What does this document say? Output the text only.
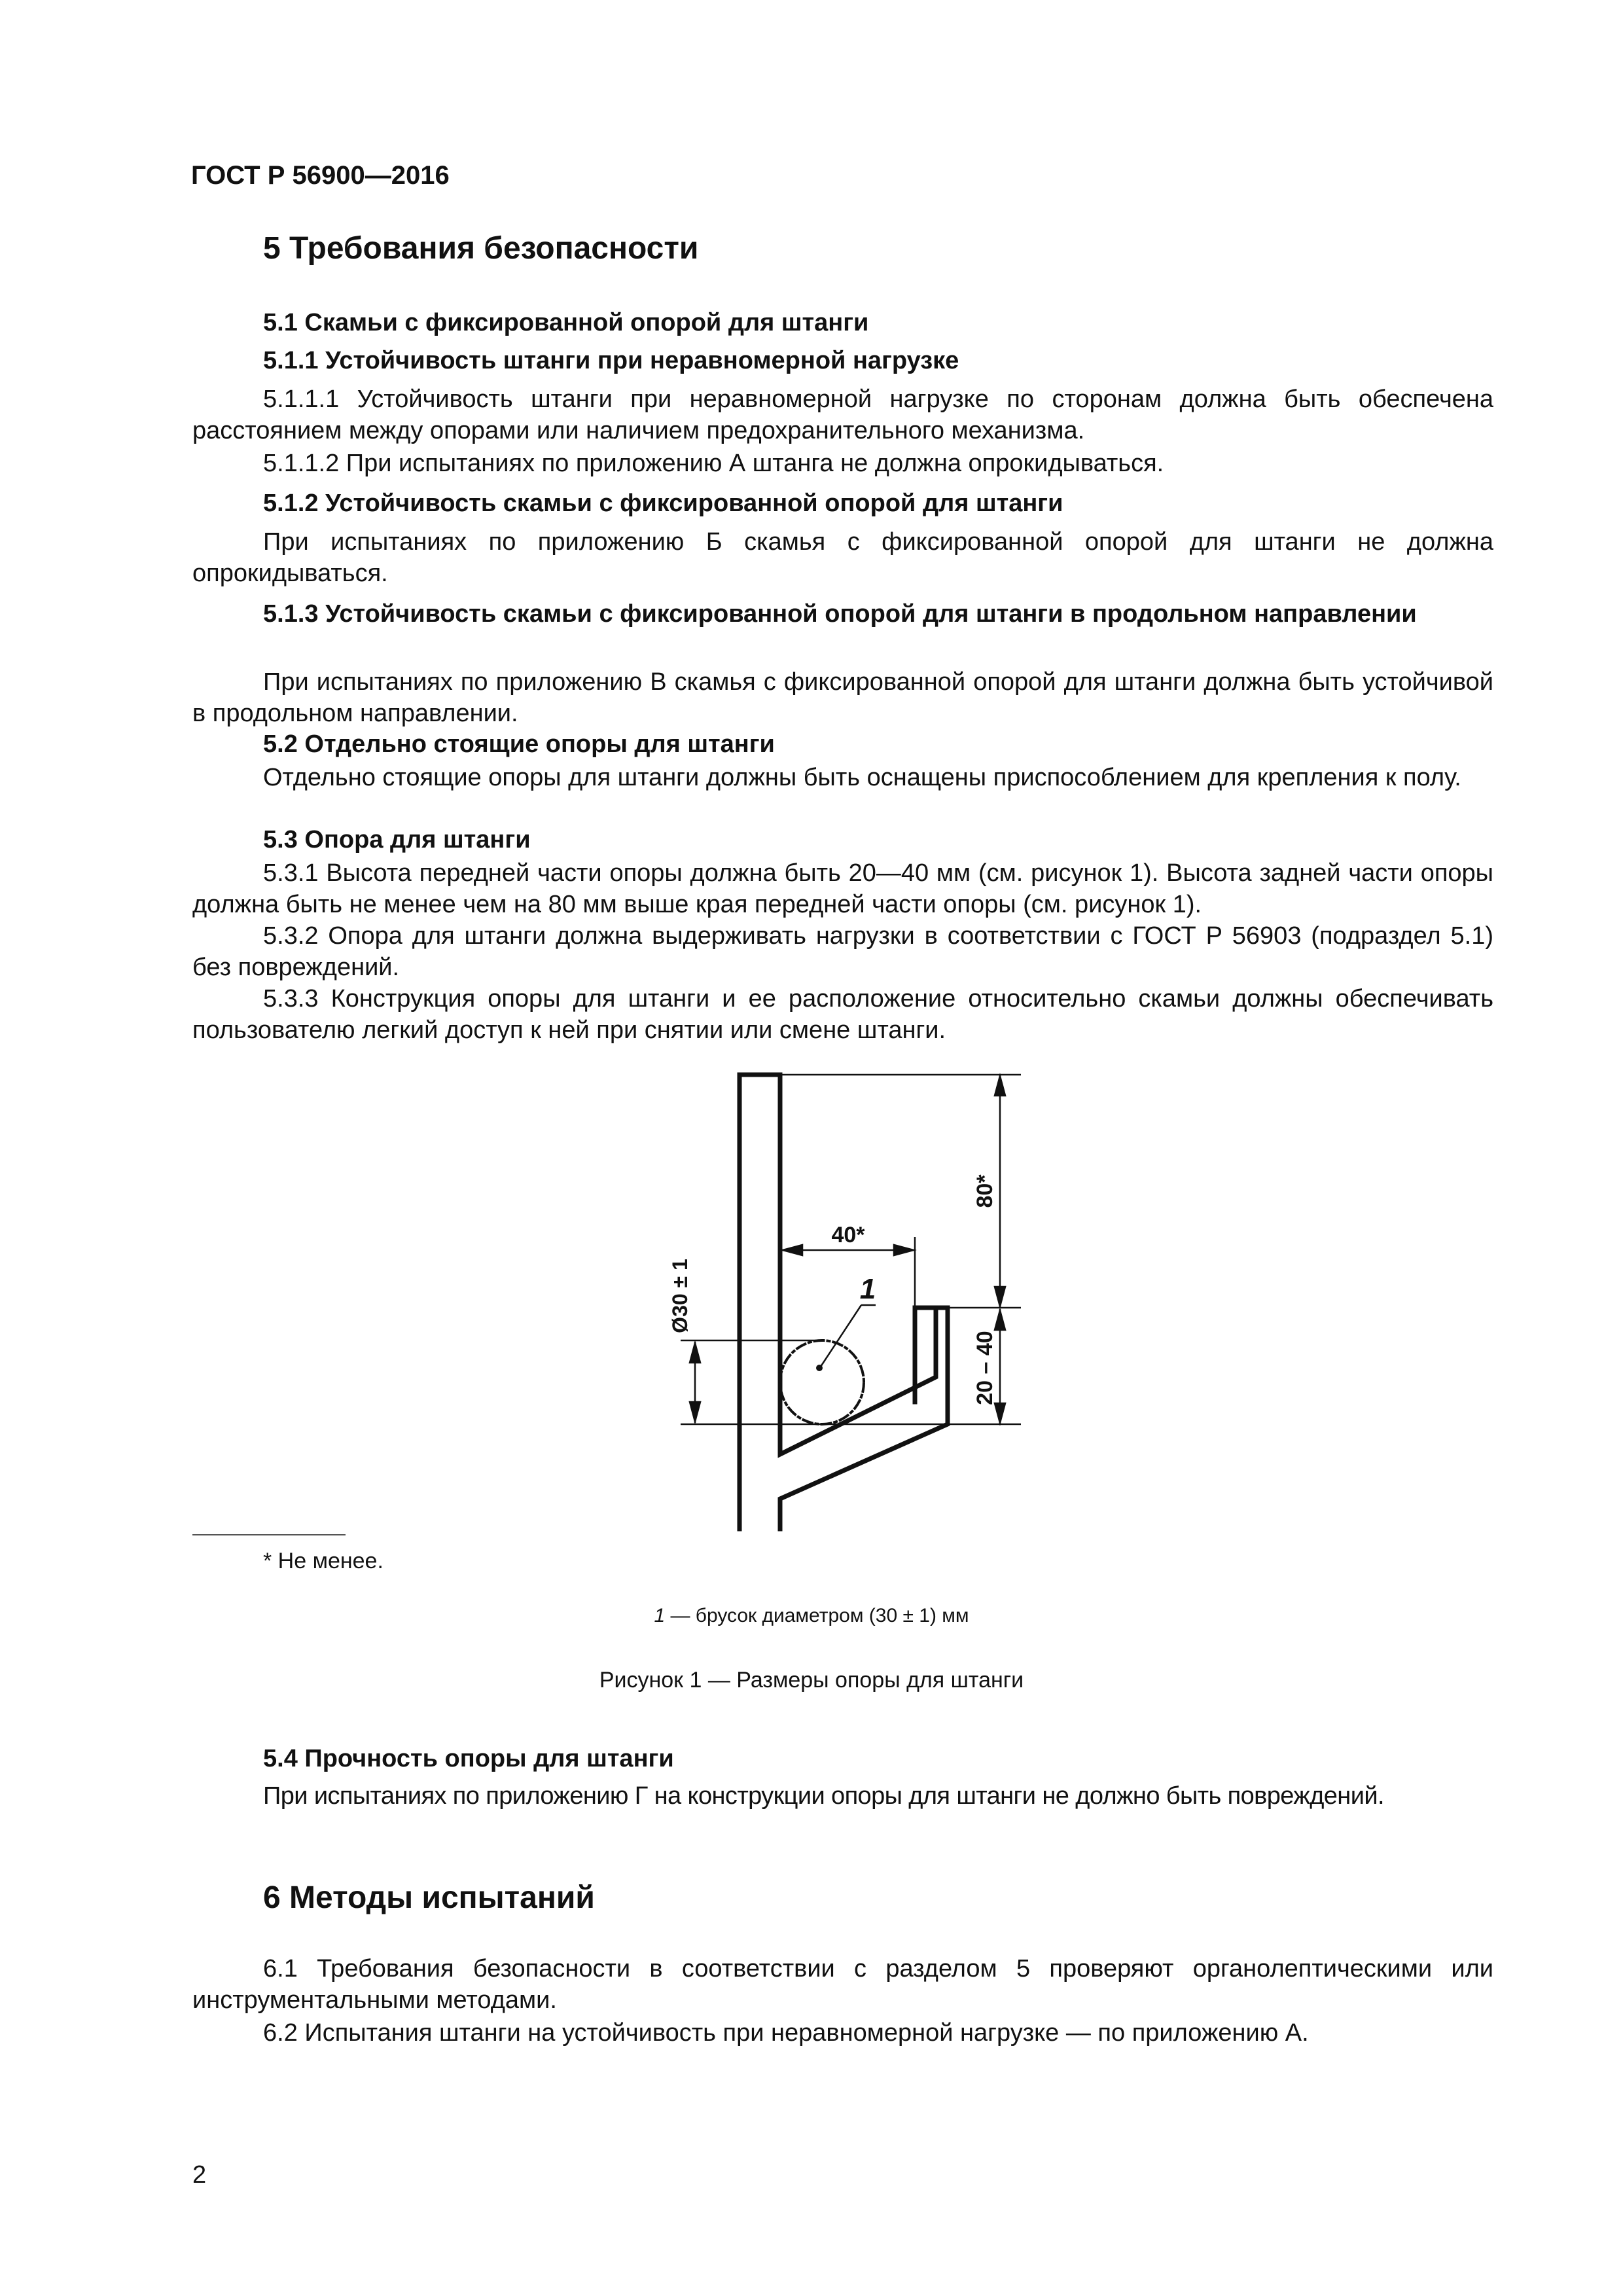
ГОСТ Р 56900—2016
5 Требования безопасности
5.1 Скамьи с фиксированной опорой для штанги
5.1.1 Устойчивость штанги при неравномерной нагрузке
5.1.1.1 Устойчивость штанги при неравномерной нагрузке по сторонам должна быть обеспечена расстоянием между опорами или наличием предохранительного механизма.
5.1.1.2 При испытаниях по приложению А штанга не должна опрокидываться.
5.1.2 Устойчивость скамьи с фиксированной опорой для штанги
При испытаниях по приложению Б скамья с фиксированной опорой для штанги не должна опрокидываться.
5.1.3 Устойчивость скамьи с фиксированной опорой для штанги в продольном направлении
При испытаниях по приложению В скамья с фиксированной опорой для штанги должна быть устойчивой в продольном направлении.
5.2 Отдельно стоящие опоры для штанги
Отдельно стоящие опоры для штанги должны быть оснащены приспособлением для крепления к полу.
5.3 Опора для штанги
5.3.1 Высота передней части опоры должна быть 20—40 мм (см. рисунок 1). Высота задней части опоры должна быть не менее чем на 80 мм выше края передней части опоры (см. рисунок 1).
5.3.2 Опора для штанги должна выдерживать нагрузки в соответствии с ГОСТ Р 56903 (подраздел 5.1) без повреждений.
5.3.3 Конструкция опоры для штанги и ее расположение относительно скамьи должны обеспечивать пользователю легкий доступ к ней при снятии или смене штанги.
40*
80*
20 – 40
Ø30 ± 1	1
* Не менее.
1 — брусок диаметром (30 ± 1) мм
Рисунок 1 — Размеры опоры для штанги
5.4 Прочность опоры для штанги
При испытаниях по приложению Г на конструкции опоры для штанги не должно быть повреждений.
6 Методы испытаний
6.1 Требования безопасности в соответствии с разделом 5 проверяют органолептическими или инструментальными методами.
6.2 Испытания штанги на устойчивость при неравномерной нагрузке — по приложению А.
2
